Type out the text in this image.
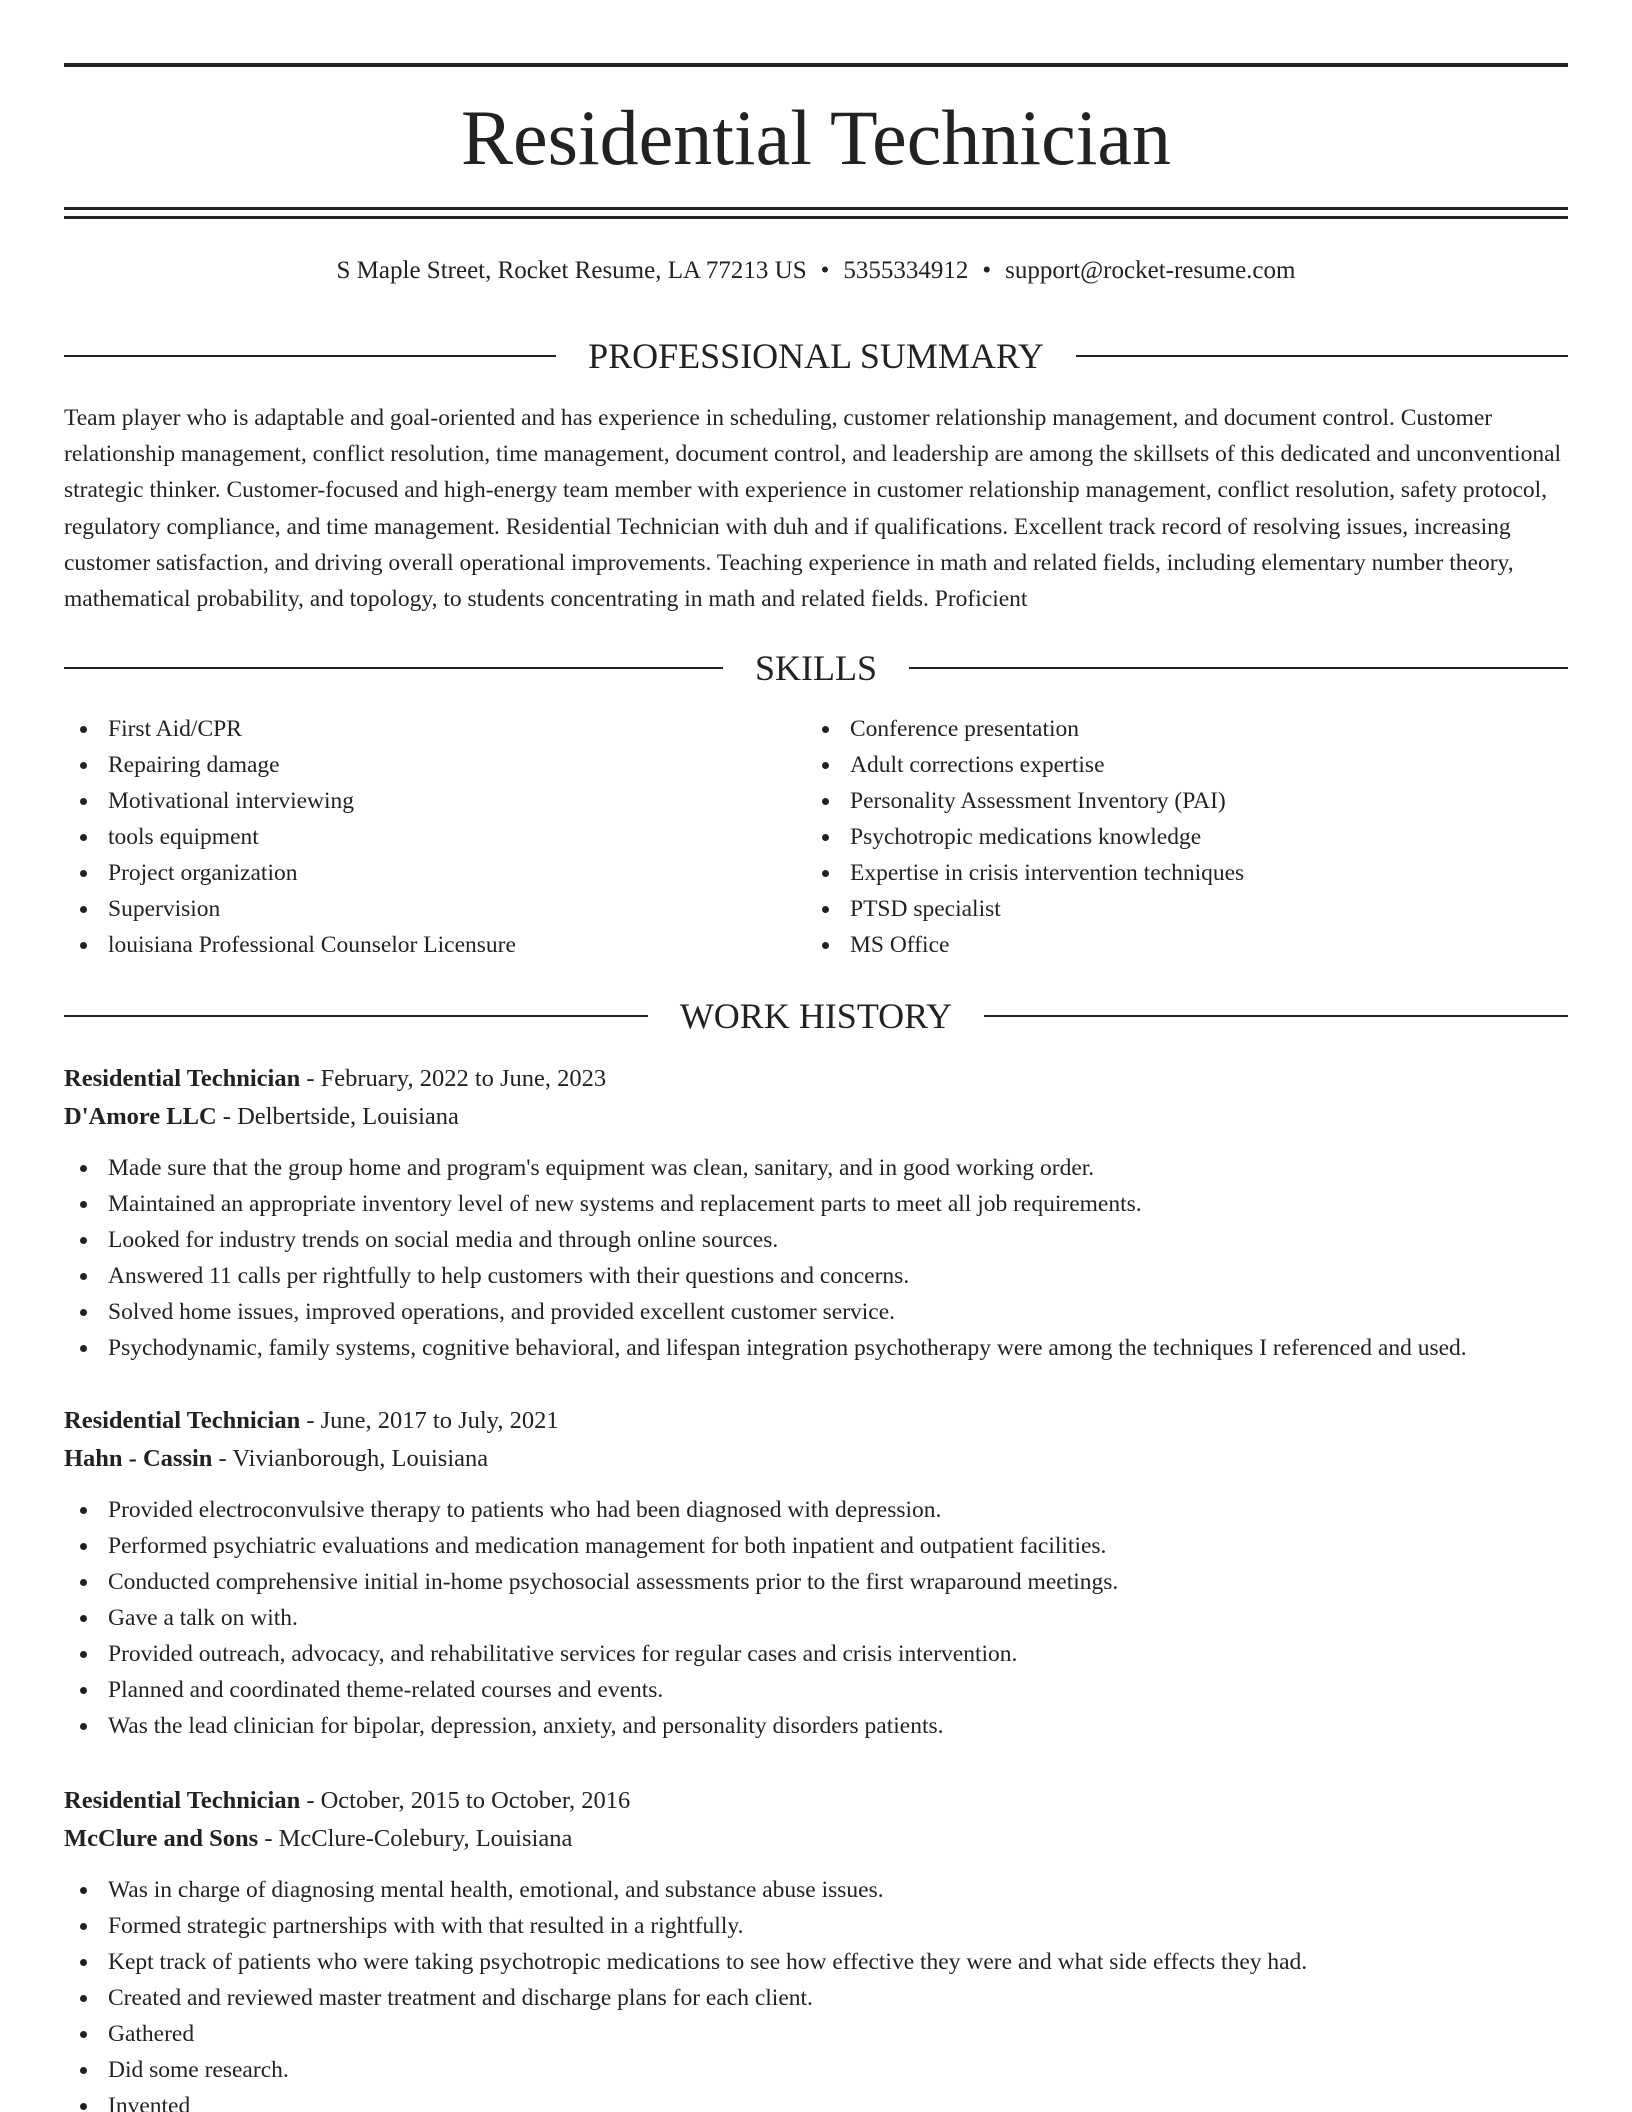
Residential Technician
S Maple Street, Rocket Resume, LA 77213 US • 5355334912 • support@rocket-resume.com
PROFESSIONAL SUMMARY
Team player who is adaptable and goal-oriented and has experience in scheduling, customer relationship management, and document control. Customer relationship management, conflict resolution, time management, document control, and leadership are among the skillsets of this dedicated and unconventional strategic thinker. Customer-focused and high-energy team member with experience in customer relationship management, conflict resolution, safety protocol, regulatory compliance, and time management. Residential Technician with duh and if qualifications. Excellent track record of resolving issues, increasing customer satisfaction, and driving overall operational improvements. Teaching experience in math and related fields, including elementary number theory, mathematical probability, and topology, to students concentrating in math and related fields. Proficient
SKILLS
First Aid/CPR
Repairing damage
Motivational interviewing
tools equipment
Project organization
Supervision
louisiana Professional Counselor Licensure
Conference presentation
Adult corrections expertise
Personality Assessment Inventory (PAI)
Psychotropic medications knowledge
Expertise in crisis intervention techniques
PTSD specialist
MS Office
WORK HISTORY
Residential Technician - February, 2022 to June, 2023
D'Amore LLC - Delbertside, Louisiana
Made sure that the group home and program's equipment was clean, sanitary, and in good working order.
Maintained an appropriate inventory level of new systems and replacement parts to meet all job requirements.
Looked for industry trends on social media and through online sources.
Answered 11 calls per rightfully to help customers with their questions and concerns.
Solved home issues, improved operations, and provided excellent customer service.
Psychodynamic, family systems, cognitive behavioral, and lifespan integration psychotherapy were among the techniques I referenced and used.
Residential Technician - June, 2017 to July, 2021
Hahn - Cassin - Vivianborough, Louisiana
Provided electroconvulsive therapy to patients who had been diagnosed with depression.
Performed psychiatric evaluations and medication management for both inpatient and outpatient facilities.
Conducted comprehensive initial in-home psychosocial assessments prior to the first wraparound meetings.
Gave a talk on with.
Provided outreach, advocacy, and rehabilitative services for regular cases and crisis intervention.
Planned and coordinated theme-related courses and events.
Was the lead clinician for bipolar, depression, anxiety, and personality disorders patients.
Residential Technician - October, 2015 to October, 2016
McClure and Sons - McClure-Colebury, Louisiana
Was in charge of diagnosing mental health, emotional, and substance abuse issues.
Formed strategic partnerships with with that resulted in a rightfully.
Kept track of patients who were taking psychotropic medications to see how effective they were and what side effects they had.
Created and reviewed master treatment and discharge plans for each client.
Gathered
Did some research.
Invented
